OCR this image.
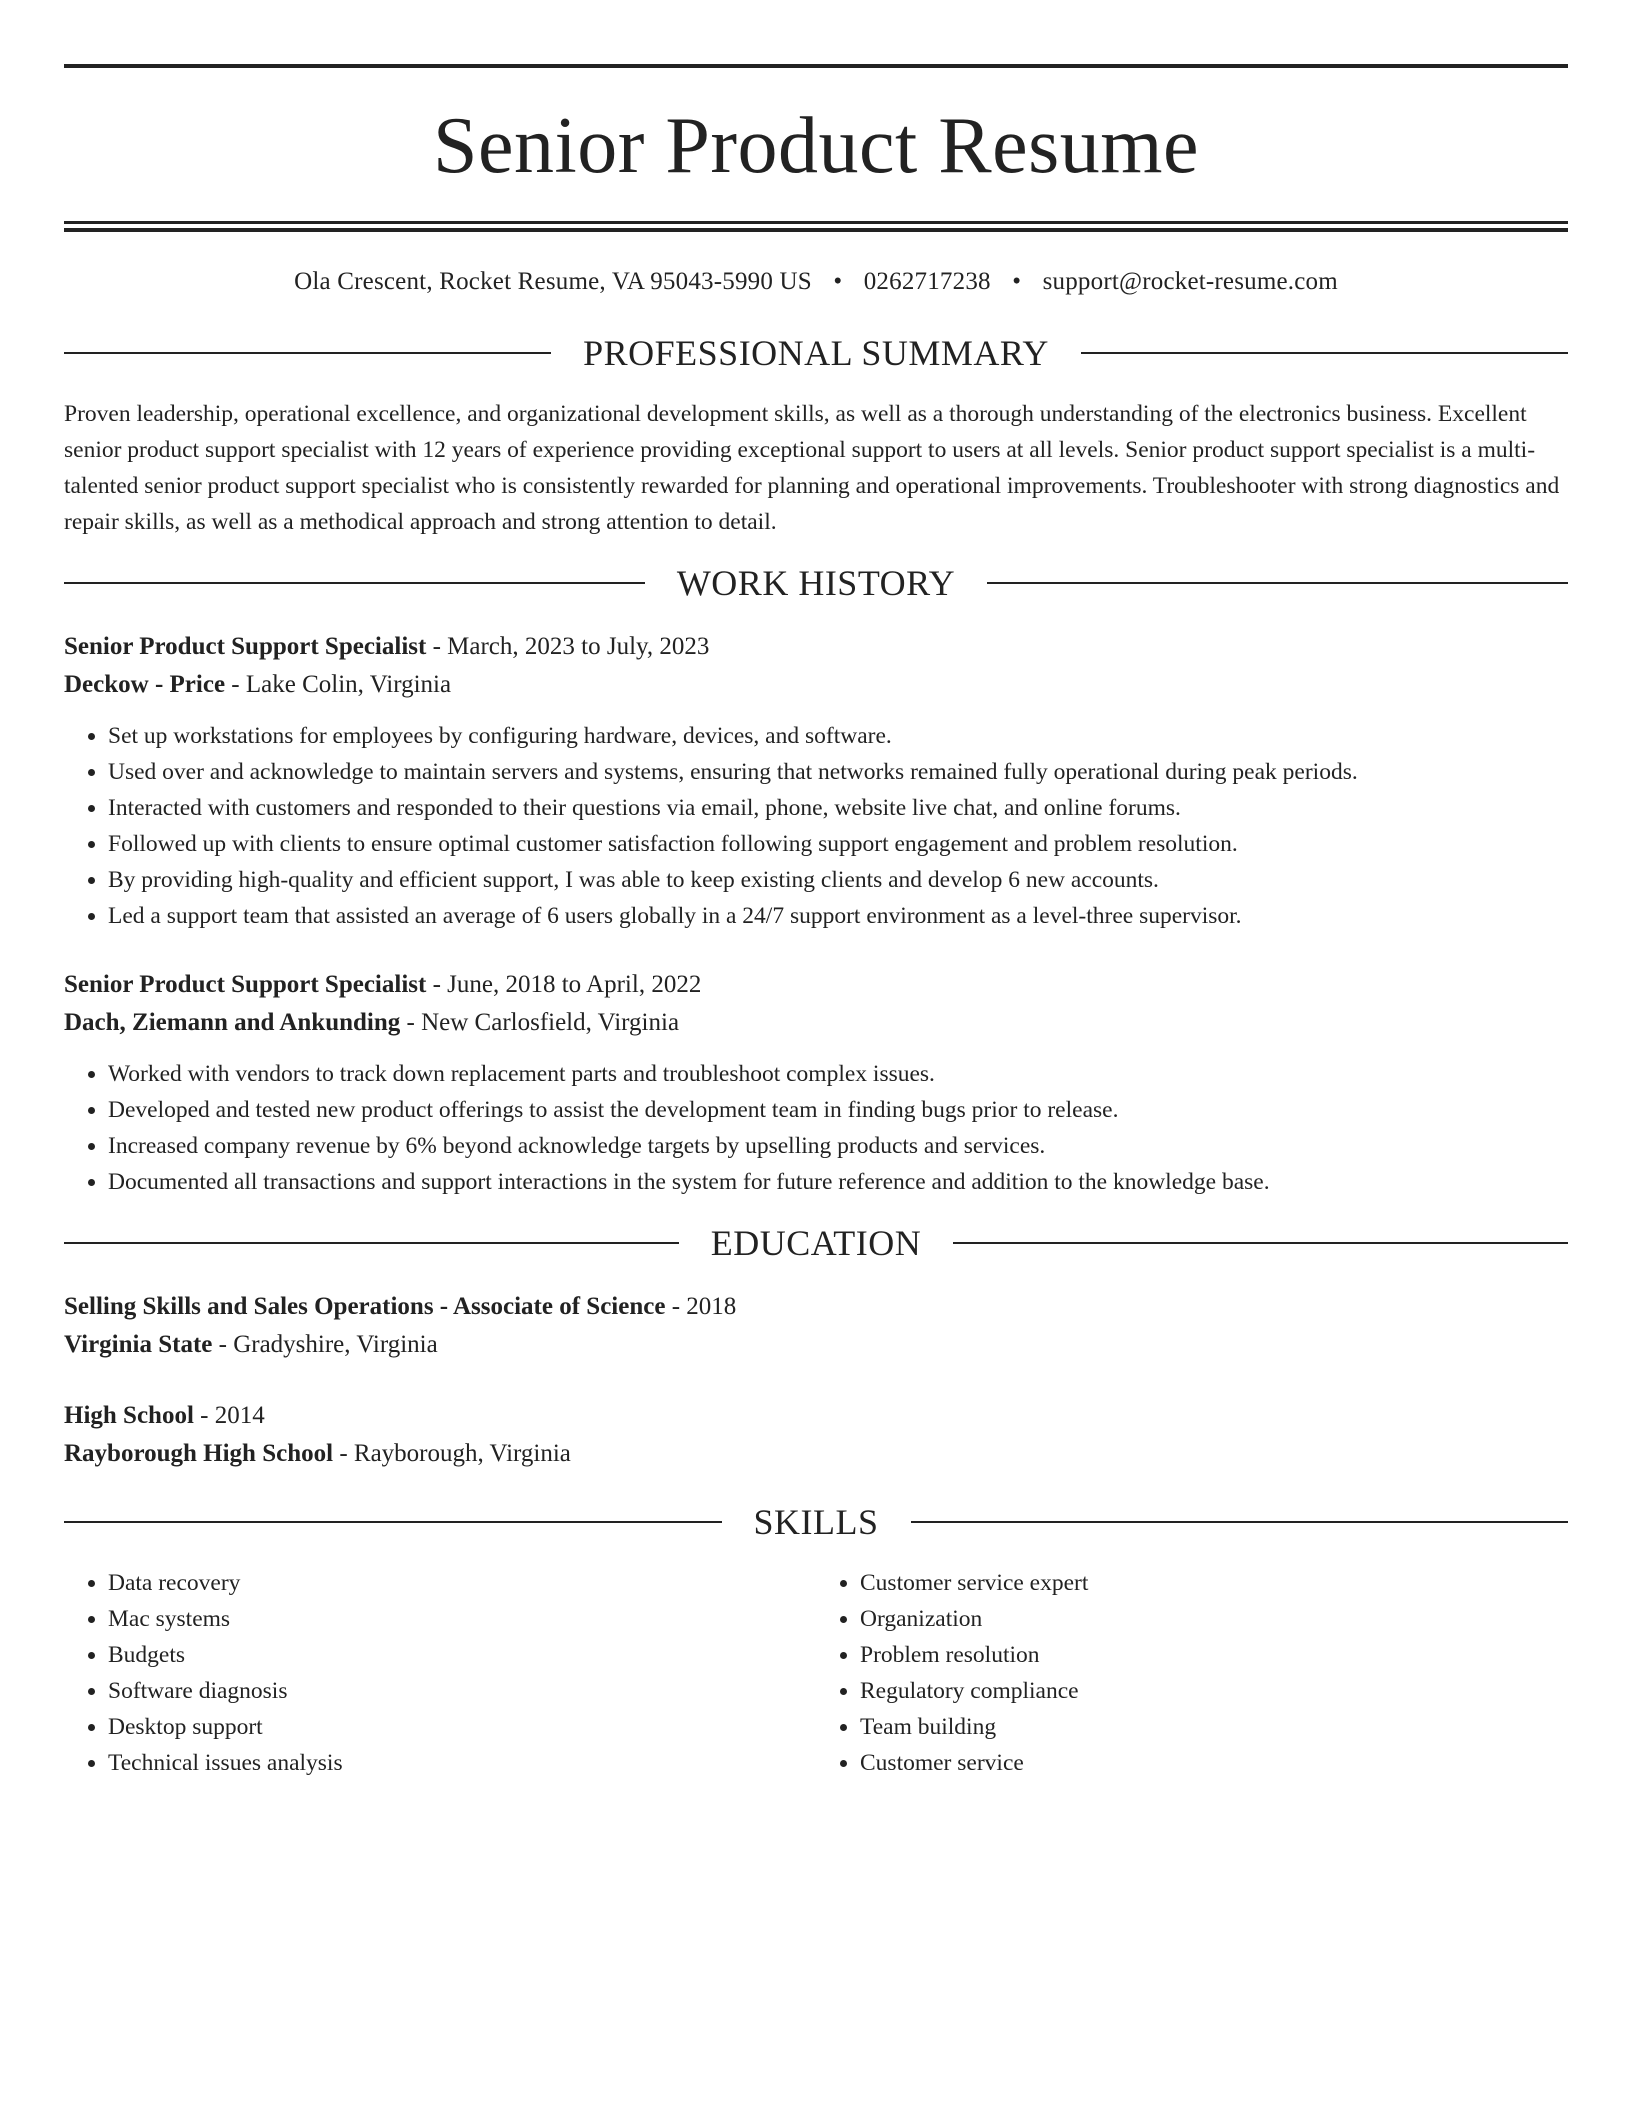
Senior Product Resume
Ola Crescent, Rocket Resume, VA 95043-5990 US • 0262717238 • support@rocket-resume.com
PROFESSIONAL SUMMARY
Proven leadership, operational excellence, and organizational development skills, as well as a thorough understanding of the electronics business. Excellent senior product support specialist with 12 years of experience providing exceptional support to users at all levels. Senior product support specialist is a multi-talented senior product support specialist who is consistently rewarded for planning and operational improvements. Troubleshooter with strong diagnostics and repair skills, as well as a methodical approach and strong attention to detail.
WORK HISTORY
Senior Product Support Specialist - March, 2023 to July, 2023
Deckow - Price - Lake Colin, Virginia
• Set up workstations for employees by configuring hardware, devices, and software.
• Used over and acknowledge to maintain servers and systems, ensuring that networks remained fully operational during peak periods.
• Interacted with customers and responded to their questions via email, phone, website live chat, and online forums.
• Followed up with clients to ensure optimal customer satisfaction following support engagement and problem resolution.
• By providing high-quality and efficient support, I was able to keep existing clients and develop 6 new accounts.
• Led a support team that assisted an average of 6 users globally in a 24/7 support environment as a level-three supervisor.
Senior Product Support Specialist - June, 2018 to April, 2022
Dach, Ziemann and Ankunding - New Carlosfield, Virginia
• Worked with vendors to track down replacement parts and troubleshoot complex issues.
• Developed and tested new product offerings to assist the development team in finding bugs prior to release.
• Increased company revenue by 6% beyond acknowledge targets by upselling products and services.
• Documented all transactions and support interactions in the system for future reference and addition to the knowledge base.
EDUCATION
Selling Skills and Sales Operations - Associate of Science - 2018
Virginia State - Gradyshire, Virginia
High School - 2014
Rayborough High School - Rayborough, Virginia
SKILLS
• Data recovery
• Mac systems
• Budgets
• Software diagnosis
• Desktop support
• Technical issues analysis
• Customer service expert
• Organization
• Problem resolution
• Regulatory compliance
• Team building
• Customer service
